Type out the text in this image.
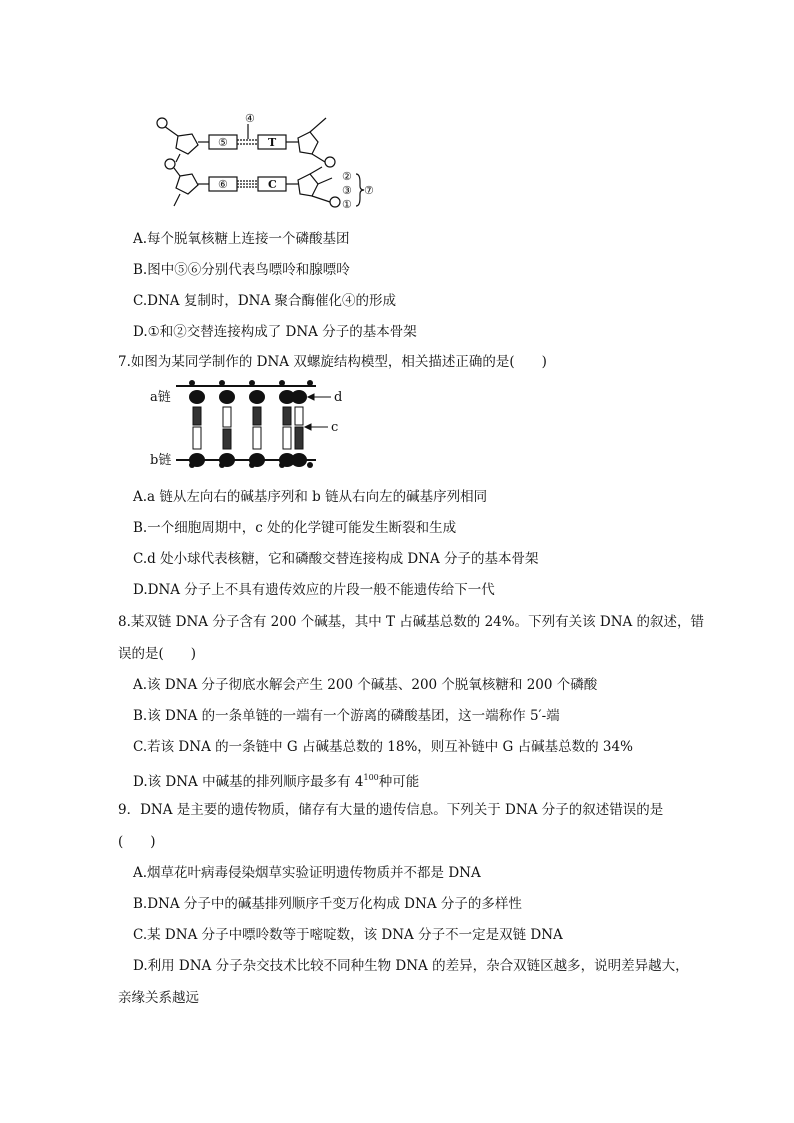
④
⑤	T
⑥	C
②
③
①
⑦
A.每个脱氧核糖上连接一个磷酸基团
B.图中⑤⑥分别代表鸟嘌呤和腺嘌呤
C.DNA 复制时，DNA 聚合酶催化④的形成
D.①和②交替连接构成了 DNA 分子的基本骨架
7.如图为某同学制作的 DNA 双螺旋结构模型，相关描述正确的是(　　)
a链
b链
d
c
A.a 链从左向右的碱基序列和 b 链从右向左的碱基序列相同
B.一个细胞周期中，c 处的化学键可能发生断裂和生成
C.d 处小球代表核糖，它和磷酸交替连接构成 DNA 分子的基本骨架
D.DNA 分子上不具有遗传效应的片段一般不能遗传给下一代
8.某双链 DNA 分子含有 200 个碱基，其中 T 占碱基总数的 24%。下列有关该 DNA 的叙述，错
误的是(　　)
A.该 DNA 分子彻底水解会产生 200 个碱基、200 个脱氧核糖和 200 个磷酸
B.该 DNA 的一条单链的一端有一个游离的磷酸基团，这一端称作 5′-端
C.若该 DNA 的一条链中 G 占碱基总数的 18%，则互补链中 G 占碱基总数的 34%
D.该 DNA 中碱基的排列顺序最多有 $4^{100}$种可能
9．DNA 是主要的遗传物质，储存有大量的遗传信息。下列关于 DNA 分子的叙述错误的是
(　　)
A.烟草花叶病毒侵染烟草实验证明遗传物质并不都是 DNA
B.DNA 分子中的碱基排列顺序千变万化构成 DNA 分子的多样性
C.某 DNA 分子中嘌呤数等于嘧啶数，该 DNA 分子不一定是双链 DNA
D.利用 DNA 分子杂交技术比较不同种生物 DNA 的差异，杂合双链区越多，说明差异越大，
亲缘关系越远
